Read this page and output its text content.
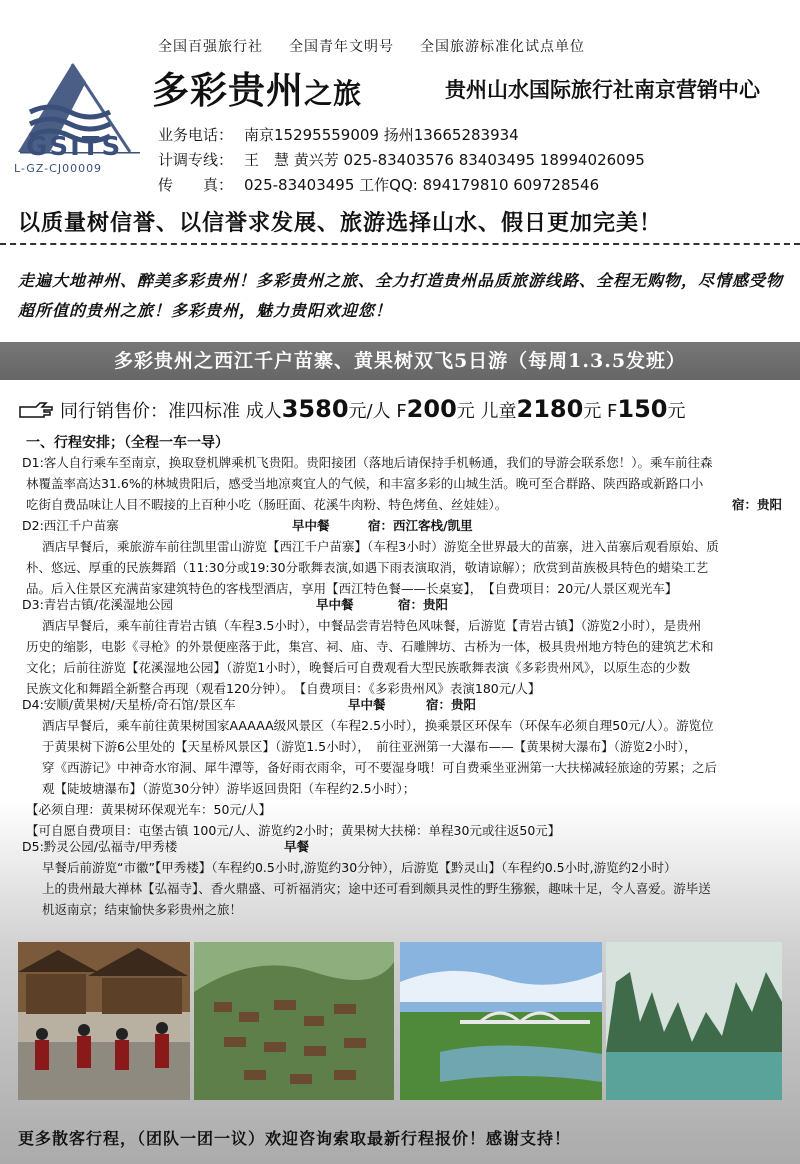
GSITS
L-GZ-CJ00009
全国百强旅行社 全国青年文明号 全国旅游标准化试点单位
多彩贵州之旅	贵州山水国际旅行社南京营销中心
业务电话： 南京15295559009 扬州13665283934
计调专线： 王　慧 黄兴芳 025-83403576 83403495 18994026095
传　　真： 025-83403495 工作QQ: 894179810 609728546
以质量树信誉、以信誉求发展、旅游选择山水、假日更加完美！
走遍大地神州、醉美多彩贵州！多彩贵州之旅、全力打造贵州品质旅游线路、全程无购物，尽情感受物超所值的贵州之旅！多彩贵州，魅力贵阳欢迎您！
多彩贵州之西江千户苗寨、黄果树双飞5日游（每周1.3.5发班）
同行销售价：准四标准 成人3580元/人 F200元 儿童2180元 F150元
一、行程安排；（全程一车一导）

D1:客人自行乘车至南京，换取登机牌乘机飞贵阳。贵阳接团（落地后请保持手机畅通，我们的导游会联系您！）。乘车前往森

林覆盖率高达31.6%的林城贵阳后，感受当地凉爽宜人的气候，和丰富多彩的山城生活。晚可至合群路、陕西路或新路口小

吃街自费品味让人目不暇接的上百种小吃（肠旺面、花溪牛肉粉、特色烤鱼、丝娃娃）。	宿：贵阳

D2:西江千户苗寨	早中餐	宿：西江客栈/凯里

酒店早餐后，乘旅游车前往凯里雷山游览【西江千户苗寨】（车程3小时）游览全世界最大的苗寨，进入苗寨后观看原始、质

朴、悠远、厚重的民族舞蹈（11:30分或19:30分歌舞表演,如遇下雨表演取消，敬请谅解）；欣赏到苗族极具特色的蜡染工艺

品。后入住景区充满苗家建筑特色的客栈型酒店，享用【西江特色餐——长桌宴】，　【自费项目：20元/人景区观光车】

D3:青岩古镇/花溪湿地公园	早中餐	宿：贵阳

酒店早餐后，乘车前往青岩古镇（车程3.5小时），中餐品尝青岩特色风味餐，后游览【青岩古镇】（游览2小时），是贵州

历史的缩影，电影《寻枪》的外景便座落于此，集宫、祠、庙、寺、石雕牌坊、古桥为一体，极具贵州地方特色的建筑艺术和

文化；后前往游览【花溪湿地公园】（游览1小时），晚餐后可自费观看大型民族歌舞表演《多彩贵州风》，以原生态的少数

民族文化和舞蹈全新整合再现（观看120分钟）。　【自费项目：《多彩贵州风》表演180元/人】

D4:安顺/黄果树/天星桥/奇石馆/景区车	早中餐	宿：贵阳

酒店早餐后，乘车前往黄果树国家AAAAA级风景区（车程2.5小时），换乘景区环保车（环保车必须自理50元/人）。游览位

于黄果树下游6公里处的【天星桥风景区】（游览1.5小时），　前往亚洲第一大瀑布——【黄果树大瀑布】（游览2小时），

穿《西游记》中神奇水帘洞、犀牛潭等，备好雨衣雨伞，可不要湿身哦！可自费乘坐亚洲第一大扶梯减轻旅途的劳累；之后

观【陡坡塘瀑布】（游览30分钟）游毕返回贵阳（车程约2.5小时）；

【必须自理：黄果树环保观光车：50元/人】

【可自愿自费项目：屯堡古镇 100元/人、游览约2小时；黄果树大扶梯：单程30元或往返50元】

D5:黔灵公园/弘福寺/甲秀楼	早餐

早餐后前游览“市徽”【甲秀楼】（车程约0.5小时,游览约30分钟），后游览【黔灵山】（车程约0.5小时,游览约2小时）

上的贵州最大禅林【弘福寺】、香火鼎盛、可祈福消灾；途中还可看到颇具灵性的野生猕猴，趣味十足，令人喜爱。游毕送

机返南京；结束愉快多彩贵州之旅！

更多散客行程，（团队一团一议）欢迎咨询索取最新行程报价！感谢支持！
